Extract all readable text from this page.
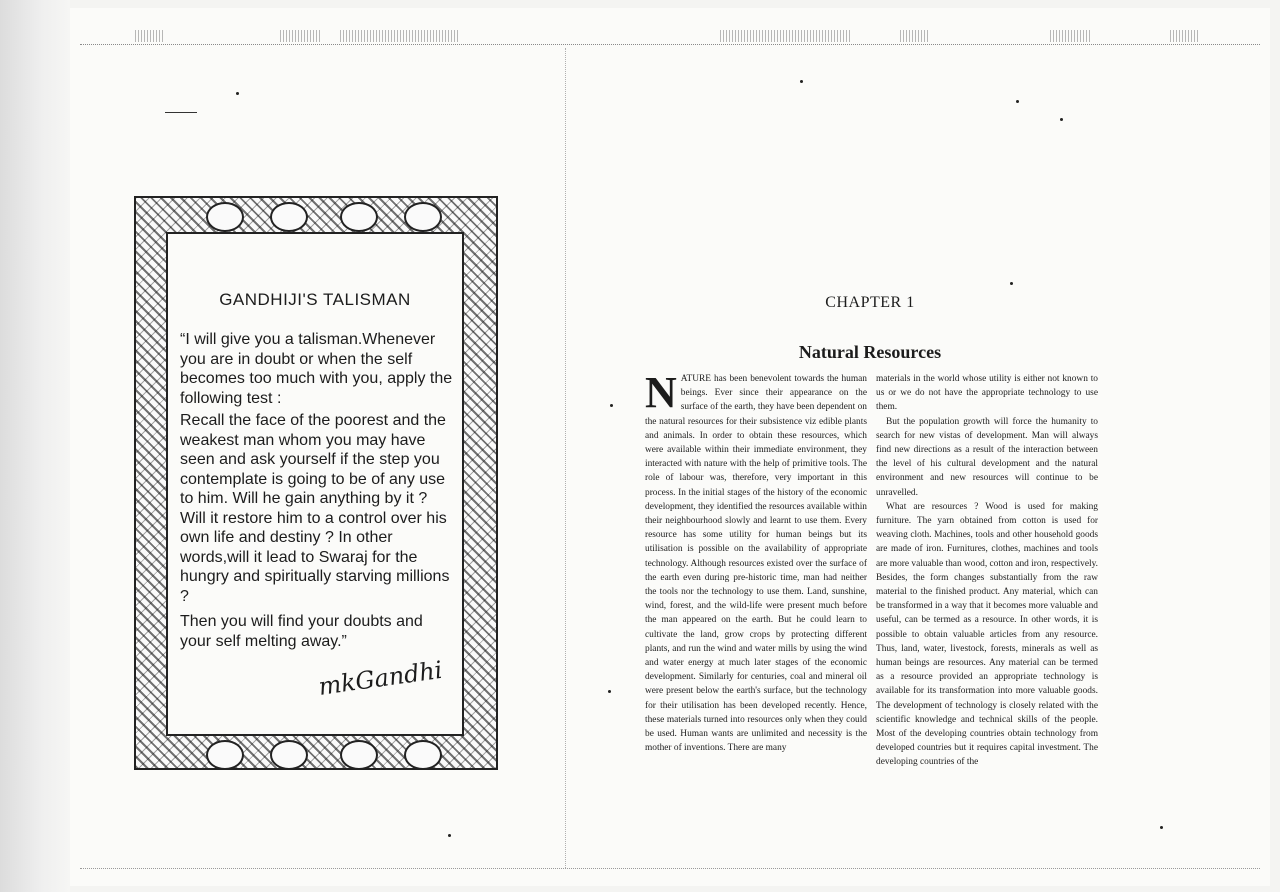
GANDHIJI'S TALISMAN

“I will give you a talisman.Whenever you are in doubt or when the self becomes too much with you, apply the following test :

Recall the face of the poorest and the weakest man whom you may have seen and ask yourself if the step you contemplate is going to be of any use to him. Will he gain anything by it ? Will it restore him to a control over his own life and destiny ? In other words,will it lead to Swaraj for the hungry and spiritually starving millions ?

Then you will find your doubts and your self melting away.”

mkGandhi
CHAPTER 1
Natural Resources
N ATURE has been benevolent towards the human beings. Ever since their appearance on the surface of the earth, they have been dependent on the natural resources for their subsistence viz edible plants and animals. In order to obtain these resources, which were available within their immediate environment, they interacted with nature with the help of primitive tools. The role of labour was, therefore, very important in this process. In the initial stages of the history of the economic development, they identified the resources available within their neighbourhood slowly and learnt to use them. Every resource has some utility for human beings but its utilisation is possible on the availability of appropriate technology. Although resources existed over the surface of the earth even during pre-historic time, man had neither the tools nor the technology to use them. Land, sunshine, wind, forest, and the wild-life were present much before the man appeared on the earth. But he could learn to cultivate the land, grow crops by protecting different plants, and run the wind and water mills by using the wind and water energy at much later stages of the economic development. Similarly for centuries, coal and mineral oil were present below the earth's surface, but the technology for their utilisation has been developed recently. Hence, these materials turned into resources only when they could be used. Human wants are unlimited and necessity is the mother of inventions. There are many

materials in the world whose utility is either not known to us or we do not have the appropriate technology to use them.

But the population growth will force the humanity to search for new vistas of development. Man will always find new directions as a result of the interaction between the level of his cultural development and the natural environment and new resources will continue to be unravelled.

What are resources ? Wood is used for making furniture. The yarn obtained from cotton is used for weaving cloth. Machines, tools and other household goods are made of iron. Furnitures, clothes, machines and tools are more valuable than wood, cotton and iron, respectively. Besides, the form changes substantially from the raw material to the finished product. Any material, which can be transformed in a way that it becomes more valuable and useful, can be termed as a resource. In other words, it is possible to obtain valuable articles from any resource. Thus, land, water, livestock, forests, minerals as well as human beings are resources. Any material can be termed as a resource provided an appropriate technology is available for its transformation into more valuable goods. The development of technology is closely related with the scientific knowledge and technical skills of the people. Most of the developing countries obtain technology from developed countries but it requires capital investment. The developing countries of the
